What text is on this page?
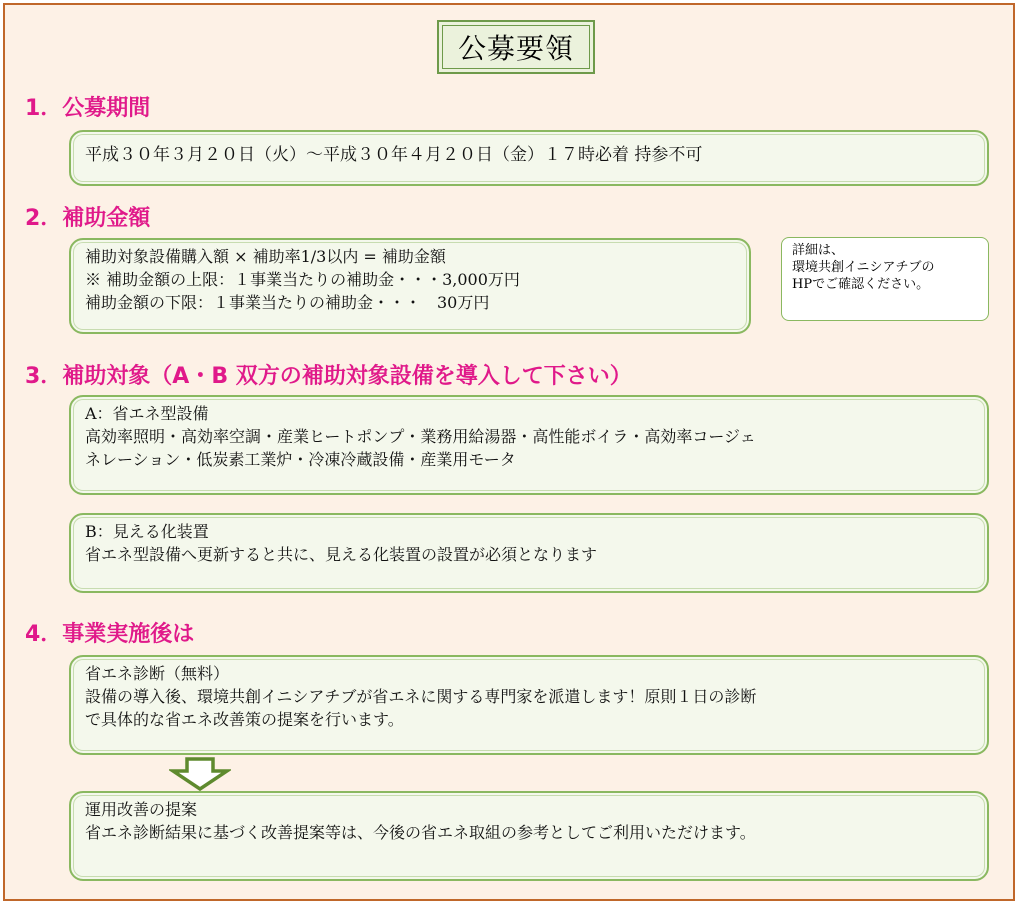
公募要領
1．公募期間
平成３０年３月２０日（火）～平成３０年４月２０日（金）１７時必着 持参不可
2．補助金額
補助対象設備購入額 × 補助率1/3以内 = 補助金額
※ 補助金額の上限：１事業当たりの補助金・・・3,000万円
補助金額の下限：１事業当たりの補助金・・・　30万円
詳細は、
環境共創イニシアチブの
HPでご確認ください。
3．補助対象（A・B 双方の補助対象設備を導入して下さい）
A：省エネ型設備
高効率照明・高効率空調・産業ヒートポンプ・業務用給湯器・高性能ボイラ・高効率コージェ
ネレーション・低炭素工業炉・冷凍冷蔵設備・産業用モータ
B：見える化装置
省エネ型設備へ更新すると共に、見える化装置の設置が必須となります
4．事業実施後は
省エネ診断（無料）
設備の導入後、環境共創イニシアチブが省エネに関する専門家を派遣します！原則１日の診断
で具体的な省エネ改善策の提案を行います。
運用改善の提案
省エネ診断結果に基づく改善提案等は、今後の省エネ取組の参考としてご利用いただけます。
